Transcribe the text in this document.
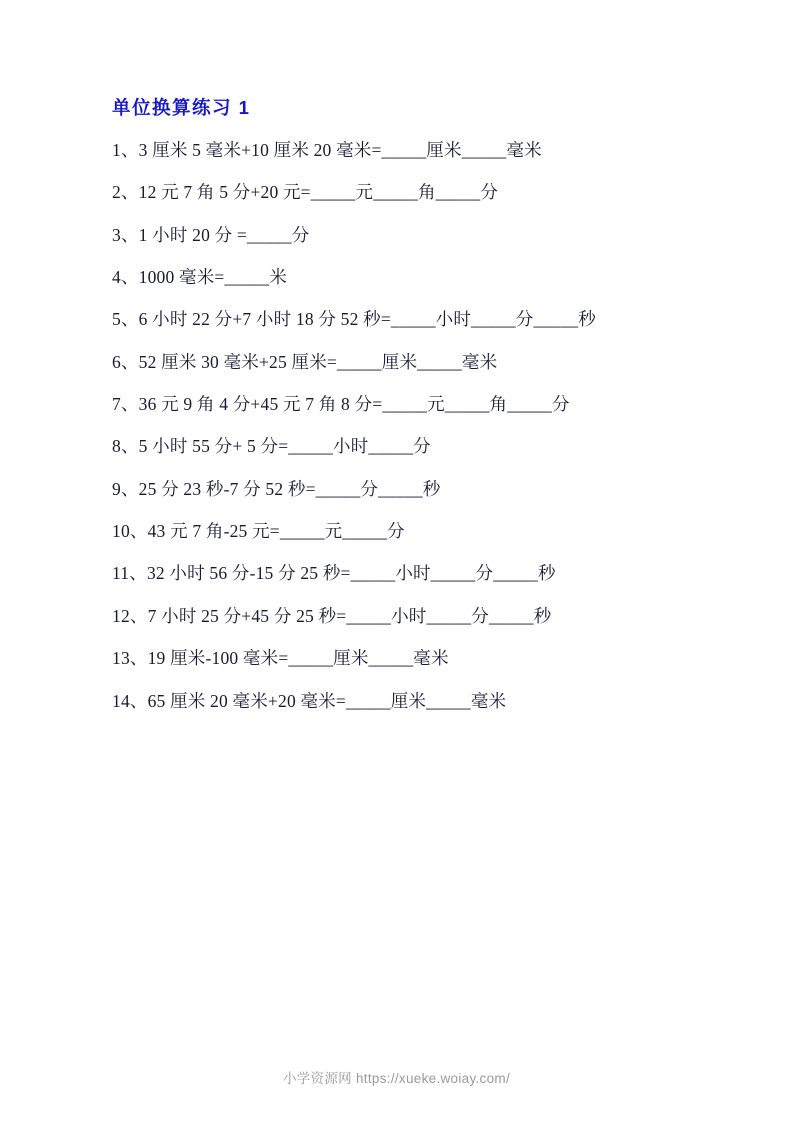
单位换算练习 1
1、3 厘米 5 毫米+10 厘米 20 毫米=_____厘米_____毫米
2、12 元 7 角 5 分+20 元=_____元_____角_____分
3、1 小时 20 分 =_____分
4、1000 毫米=_____米
5、6 小时 22 分+7 小时 18 分 52 秒=_____小时_____分_____秒
6、52 厘米 30 毫米+25 厘米=_____厘米_____毫米
7、36 元 9 角 4 分+45 元 7 角 8 分=_____元_____角_____分
8、5 小时 55 分+ 5 分=_____小时_____分
9、25 分 23 秒-7 分 52 秒=_____分_____秒
10、43 元 7 角-25 元=_____元_____分
11、32 小时 56 分-15 分 25 秒=_____小时_____分_____秒
12、7 小时 25 分+45 分 25 秒=_____小时_____分_____秒
13、19 厘米-100 毫米=_____厘米_____毫米
14、65 厘米 20 毫米+20 毫米=_____厘米_____毫米
小学资源网 https://xueke.woiay.com/
